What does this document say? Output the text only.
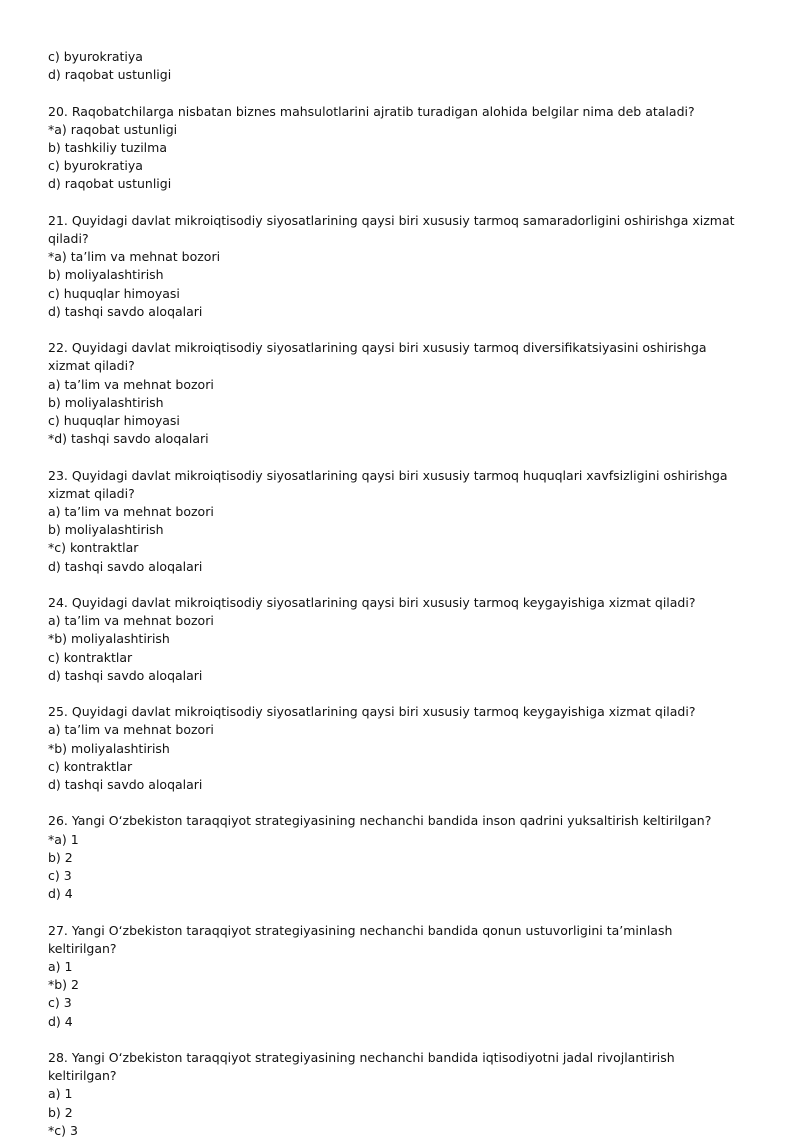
c) byurokratiya
d) raqobat ustunligi
20. Raqobatchilarga nisbatan biznes mahsulotlarini ajratib turadigan alohida belgilar nima deb ataladi?
*a) raqobat ustunligi
b) tashkiliy tuzilma
c) byurokratiya
d) raqobat ustunligi
21. Quyidagi davlat mikroiqtisodiy siyosatlarining qaysi biri xususiy tarmoq samaradorligini oshirishga xizmat qiladi?
*a) ta’lim va mehnat bozori
b) moliyalashtirish
c) huquqlar himoyasi
d) tashqi savdo aloqalari
22. Quyidagi davlat mikroiqtisodiy siyosatlarining qaysi biri xususiy tarmoq diversifikatsiyasini oshirishga xizmat qiladi?
a) ta’lim va mehnat bozori
b) moliyalashtirish
c) huquqlar himoyasi
*d) tashqi savdo aloqalari
23. Quyidagi davlat mikroiqtisodiy siyosatlarining qaysi biri xususiy tarmoq huquqlari xavfsizligini oshirishga xizmat qiladi?
a) ta’lim va mehnat bozori
b) moliyalashtirish
*c) kontraktlar
d) tashqi savdo aloqalari
24. Quyidagi davlat mikroiqtisodiy siyosatlarining qaysi biri xususiy tarmoq keygayishiga xizmat qiladi?
a) ta’lim va mehnat bozori
*b) moliyalashtirish
c) kontraktlar
d) tashqi savdo aloqalari
25. Quyidagi davlat mikroiqtisodiy siyosatlarining qaysi biri xususiy tarmoq keygayishiga xizmat qiladi?
a) ta’lim va mehnat bozori
*b) moliyalashtirish
c) kontraktlar
d) tashqi savdo aloqalari
26. Yangi O‘zbekiston taraqqiyot strategiyasining nechanchi bandida inson qadrini yuksaltirish keltirilgan?
*a) 1
b) 2
c) 3
d) 4
27. Yangi O‘zbekiston taraqqiyot strategiyasining nechanchi bandida qonun ustuvorligini ta’minlash keltirilgan?
a) 1
*b) 2
c) 3
d) 4
28. Yangi O‘zbekiston taraqqiyot strategiyasining nechanchi bandida iqtisodiyotni jadal rivojlantirish keltirilgan?
a) 1
b) 2
*c) 3
